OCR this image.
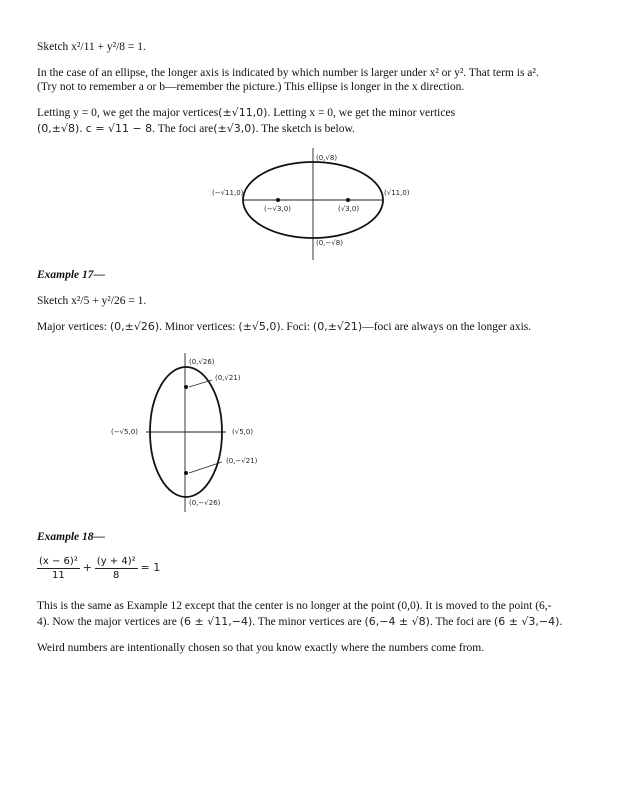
Sketch x²/11 + y²/8 = 1.
In the case of an ellipse, the longer axis is indicated by which number is larger under x² or y². That term is a².
(Try not to remember a or b—remember the picture.) This ellipse is longer in the x direction.
Letting y = 0, we get the major vertices(±√11,0). Letting x = 0, we get the minor vertices
(0,±√8). c = √11 − 8. The foci are(±√3,0). The sketch is below.
(0,√8)
(0,−√8)
(−√11,0)	(√11,0)
(−√3,0)	(√3,0)
Example 17—
Sketch x²/5 + y²/26 = 1.
Major vertices: (0,±√26). Minor vertices: (±√5,0). Foci: (0,±√21)—foci are always on the longer axis.
(0,√26)
(0,√21)
(−√5,0)	(√5,0)
(0,−√21)
(0,−√26)
Example 18—
$\frac{\text{(x − 6)²}}{11} + \frac{\text{(y + 4)²}}{8} = 1$
This is the same as Example 12 except that the center is no longer at the point (0,0). It is moved to the point (6,-
4). Now the major vertices are (6 ± √11,−4). The minor vertices are (6,−4 ± √8). The foci are (6 ± √3,−4).
Weird numbers are intentionally chosen so that you know exactly where the numbers come from.
